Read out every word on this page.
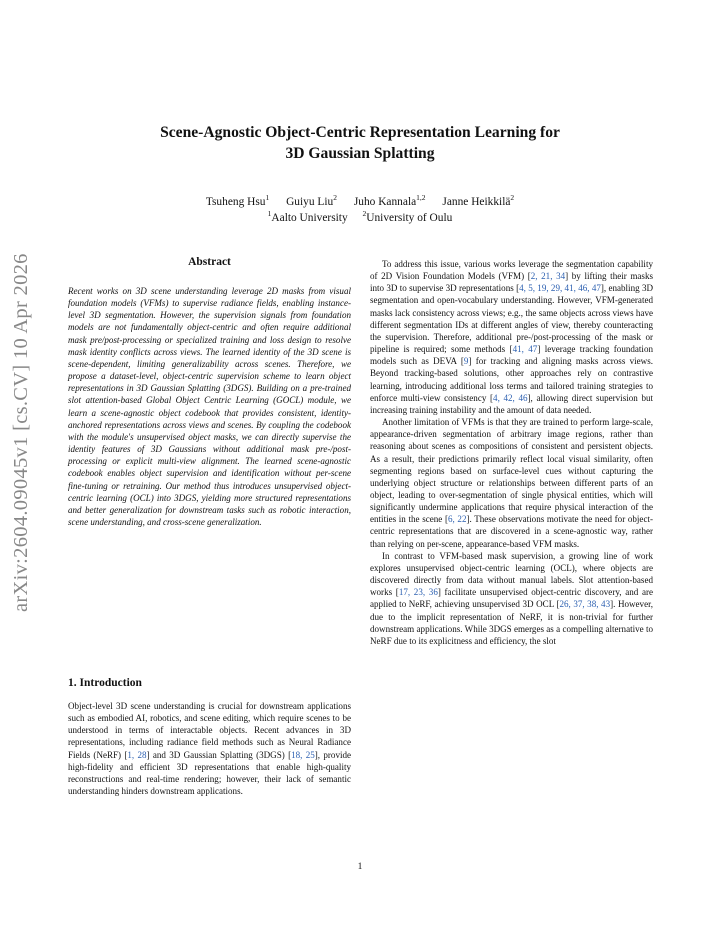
arXiv:2604.09045v1 [cs.CV] 10 Apr 2026
Scene-Agnostic Object-Centric Representation Learning for
3D Gaussian Splatting
Tsuheng Hsu$^1$ Guiyu Liu$^2$ Juho Kannala$^{1,2}$ Janne Heikkilä$^2$
$^1$Aalto University $^2$University of Oulu
Abstract
Recent works on 3D scene understanding leverage 2D masks from visual foundation models (VFMs) to supervise radiance fields, enabling instance-level 3D segmentation. However, the supervision signals from foundation models are not fundamentally object-centric and often require additional mask pre/post-processing or specialized training and loss design to resolve mask identity conflicts across views. The learned identity of the 3D scene is scene-dependent, limiting generalizability across scenes. Therefore, we propose a dataset-level, object-centric supervision scheme to learn object representations in 3D Gaussian Splatting (3DGS). Building on a pre-trained slot attention-based Global Object Centric Learning (GOCL) module, we learn a scene-agnostic object codebook that provides consistent, identity-anchored representations across views and scenes. By coupling the codebook with the module's unsupervised object masks, we can directly supervise the identity features of 3D Gaussians without additional mask pre-/post-processing or explicit multi-view alignment. The learned scene-agnostic codebook enables object supervision and identification without per-scene fine-tuning or retraining. Our method thus introduces unsupervised object-centric learning (OCL) into 3DGS, yielding more structured representations and better generalization for downstream tasks such as robotic interaction, scene understanding, and cross-scene generalization.
1. Introduction
Object-level 3D scene understanding is crucial for downstream applications such as embodied AI, robotics, and scene editing, which require scenes to be understood in terms of interactable objects. Recent advances in 3D representations, including radiance field methods such as Neural Radiance Fields (NeRF) [1, 28] and 3D Gaussian Splatting (3DGS) [18, 25], provide high-fidelity and efficient 3D representations that enable high-quality reconstructions and real-time rendering; however, their lack of semantic understanding hinders downstream applications.

To address this issue, various works leverage the segmentation capability of 2D Vision Foundation Models (VFM) [2, 21, 34] by lifting their masks into 3D to supervise 3D representations [4, 5, 19, 29, 41, 46, 47], enabling 3D segmentation and open-vocabulary understanding. However, VFM-generated masks lack consistency across views; e.g., the same objects across views have different segmentation IDs at different angles of view, thereby counteracting the supervision. Therefore, additional pre-/post-processing of the mask or pipeline is required; some methods [41, 47] leverage tracking foundation models such as DEVA [9] for tracking and aligning masks across views. Beyond tracking-based solutions, other approaches rely on contrastive learning, introducing additional loss terms and tailored training strategies to enforce multi-view consistency [4, 42, 46], allowing direct supervision but increasing training instability and the amount of data needed.

Another limitation of VFMs is that they are trained to perform large-scale, appearance-driven segmentation of arbitrary image regions, rather than reasoning about scenes as compositions of consistent and persistent objects. As a result, their predictions primarily reflect local visual similarity, often segmenting regions based on surface-level cues without capturing the underlying object structure or relationships between different parts of an object, leading to over-segmentation of single physical entities, which will significantly undermine applications that require physical interaction of the entities in the scene [6, 22]. These observations motivate the need for object-centric representations that are discovered in a scene-agnostic way, rather than relying on per-scene, appearance-based VFM masks.

In contrast to VFM-based mask supervision, a growing line of work explores unsupervised object-centric learning (OCL), where objects are discovered directly from data without manual labels. Slot attention-based works [17, 23, 36] facilitate unsupervised object-centric discovery, and are applied to NeRF, achieving unsupervised 3D OCL [26, 37, 38, 43]. However, due to the implicit representation of NeRF, it is non-trivial for further downstream applications. While 3DGS emerges as a compelling alternative to NeRF due to its explicitness and efficiency, the slot

1
